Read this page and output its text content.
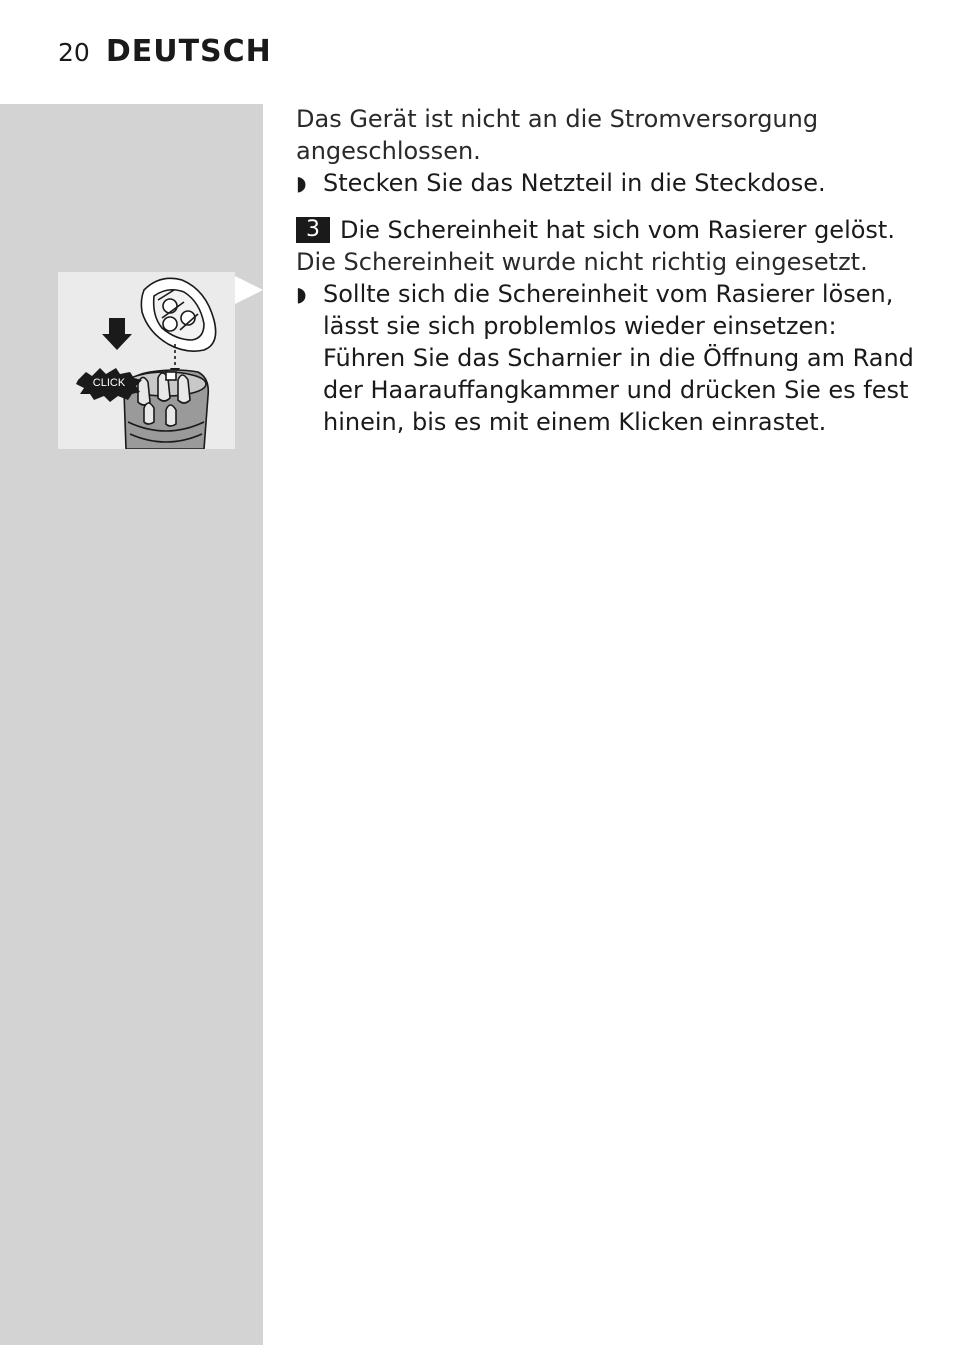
20 DEUTSCH
CLICK

Das Gerät ist nicht an die Stromversorgung angeschlossen.

◗ Stecken Sie das Netzteil in die Steckdose.
3 Die Schereinheit hat sich vom Rasierer gelöst.

Die Schereinheit wurde nicht richtig eingesetzt.

◗ Sollte sich die Schereinheit vom Rasierer lösen, lässt sie sich problemlos wieder einsetzen: Führen Sie das Scharnier in die Öffnung am Rand der Haarauffangkammer und drücken Sie es fest hinein, bis es mit einem Klicken einrastet.
